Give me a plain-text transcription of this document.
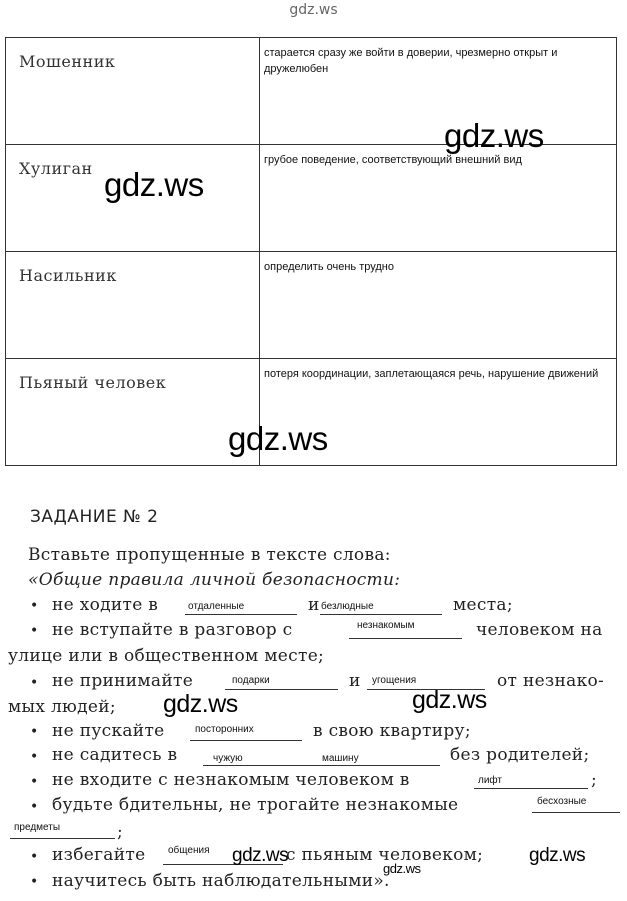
gdz.ws
Мошенник	старается сразу же войти в доверии, чрезмерно открыт и дружелюбен

Хулиган	грубое поведение, соответствующий внешний вид

Насильник	определить очень трудно

Пьяный человек	потеря координации, заплетающаяся речь, нарушение движений
gdz.ws
gdz.ws
gdz.ws
ЗАДАНИЕ № 2
Вставьте пропущенные в тексте слова:
«Общие правила личной безопасности:
• не ходите в	отдаленные	и безлюдные	места;
• не вступайте в разговор с	незнакомым	человеком на
улице или в общественном месте;
• не принимайте	подарки	и угощения	от незнако-
мых людей; gdz.ws	gdz.ws
• не пускайте	посторонних	в свою квартиру;
• не садитесь в	чужую	машину	без родителей;
• не входите с незнакомым человеком в	лифт	;
• будьте бдительны, не трогайте незнакомые	бесхозные
предметы	;
• избегайте общения gdz.ws
с пьяным человеком; gdz.ws
gdz.ws
• научитесь быть наблюдательными».
